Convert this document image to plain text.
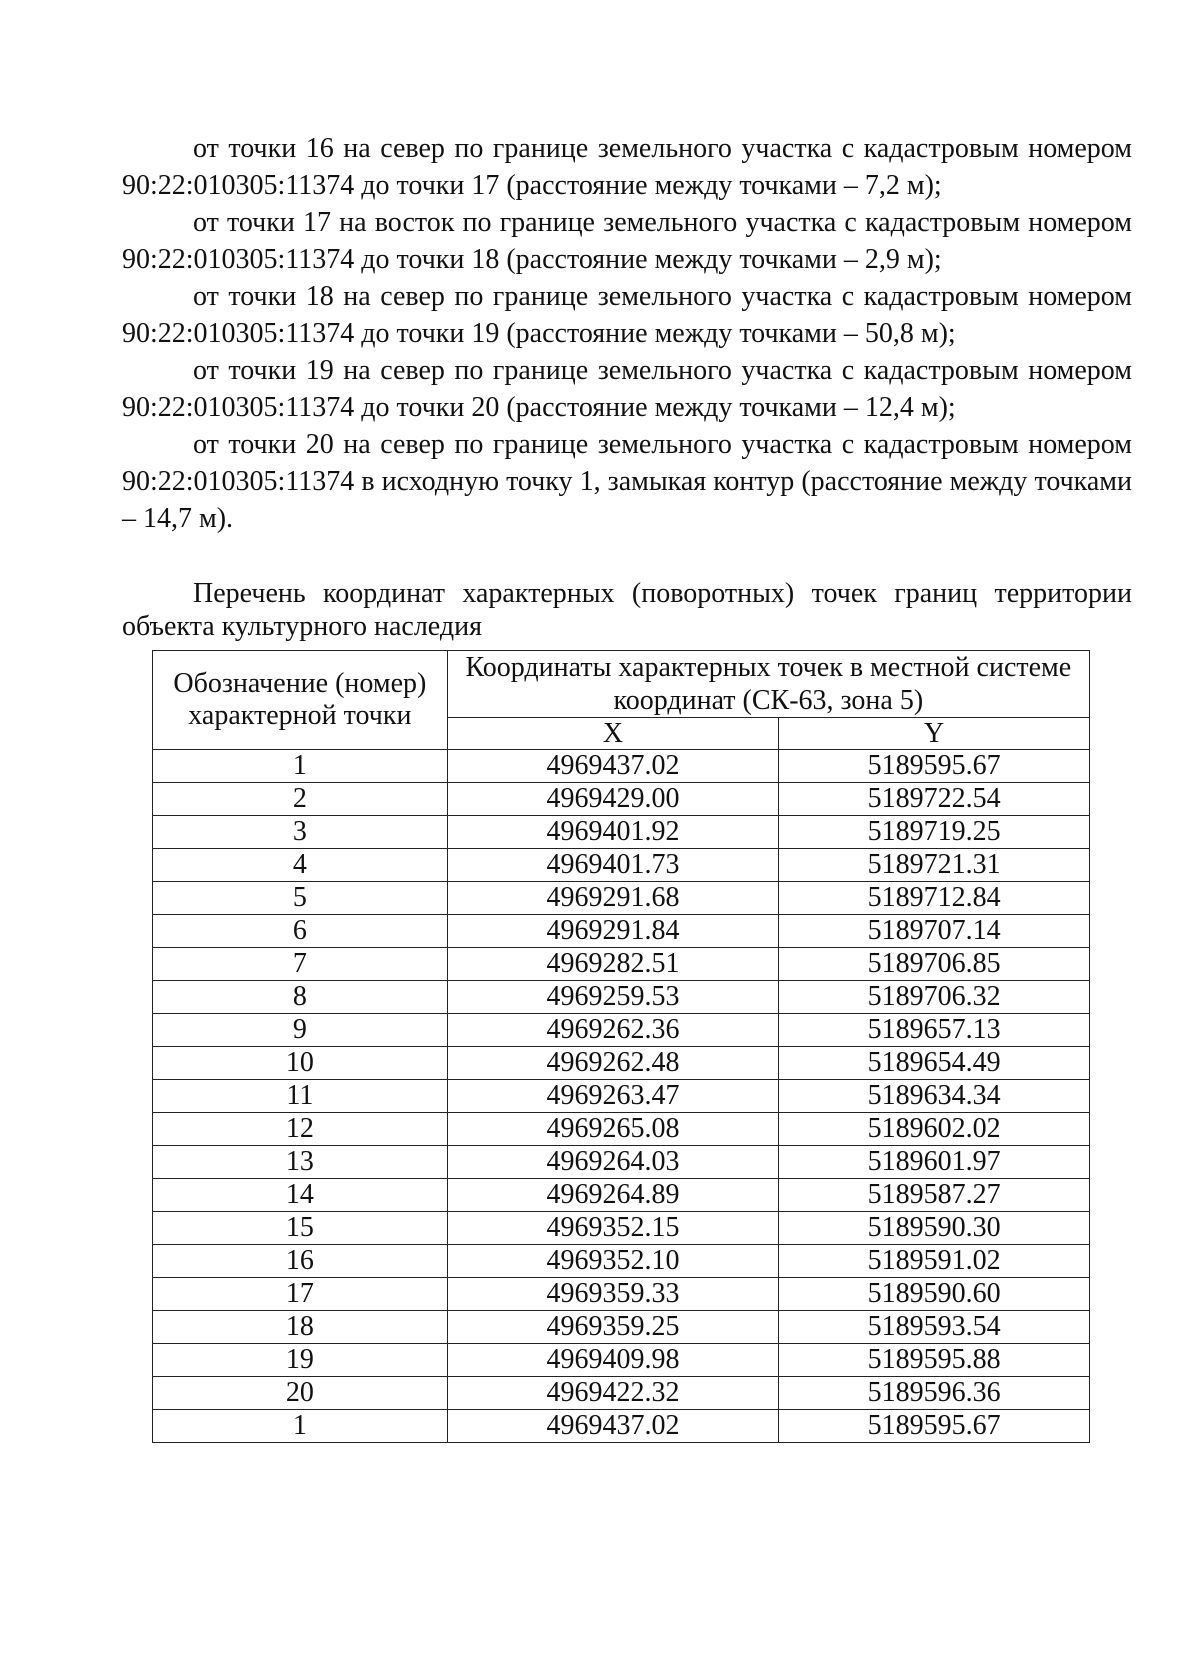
от точки 16 на север по границе земельного участка с кадастровым номером 90:22:010305:11374 до точки 17 (расстояние между точками – 7,2 м);

от точки 17 на восток по границе земельного участка с кадастровым номером 90:22:010305:11374 до точки 18 (расстояние между точками – 2,9 м);

от точки 18 на север по границе земельного участка с кадастровым номером 90:22:010305:11374 до точки 19 (расстояние между точками – 50,8 м);

от точки 19 на север по границе земельного участка с кадастровым номером 90:22:010305:11374 до точки 20 (расстояние между точками – 12,4 м);

от точки 20 на север по границе земельного участка с кадастровым номером 90:22:010305:11374 в исходную точку 1, замыкая контур (расстояние между точками – 14,7 м).

Перечень координат характерных (поворотных) точек границ территории объекта культурного наследия

Обозначение (номер) характерной точки	Координаты характерных точек в местной системе координат (СК-63, зона 5)	
	X	Y
1	4969437.02	5189595.67
2	4969429.00	5189722.54
3	4969401.92	5189719.25
4	4969401.73	5189721.31
5	4969291.68	5189712.84
6	4969291.84	5189707.14
7	4969282.51	5189706.85
8	4969259.53	5189706.32
9	4969262.36	5189657.13
10	4969262.48	5189654.49
11	4969263.47	5189634.34
12	4969265.08	5189602.02
13	4969264.03	5189601.97
14	4969264.89	5189587.27
15	4969352.15	5189590.30
16	4969352.10	5189591.02
17	4969359.33	5189590.60
18	4969359.25	5189593.54
19	4969409.98	5189595.88
20	4969422.32	5189596.36
1	4969437.02	5189595.67
